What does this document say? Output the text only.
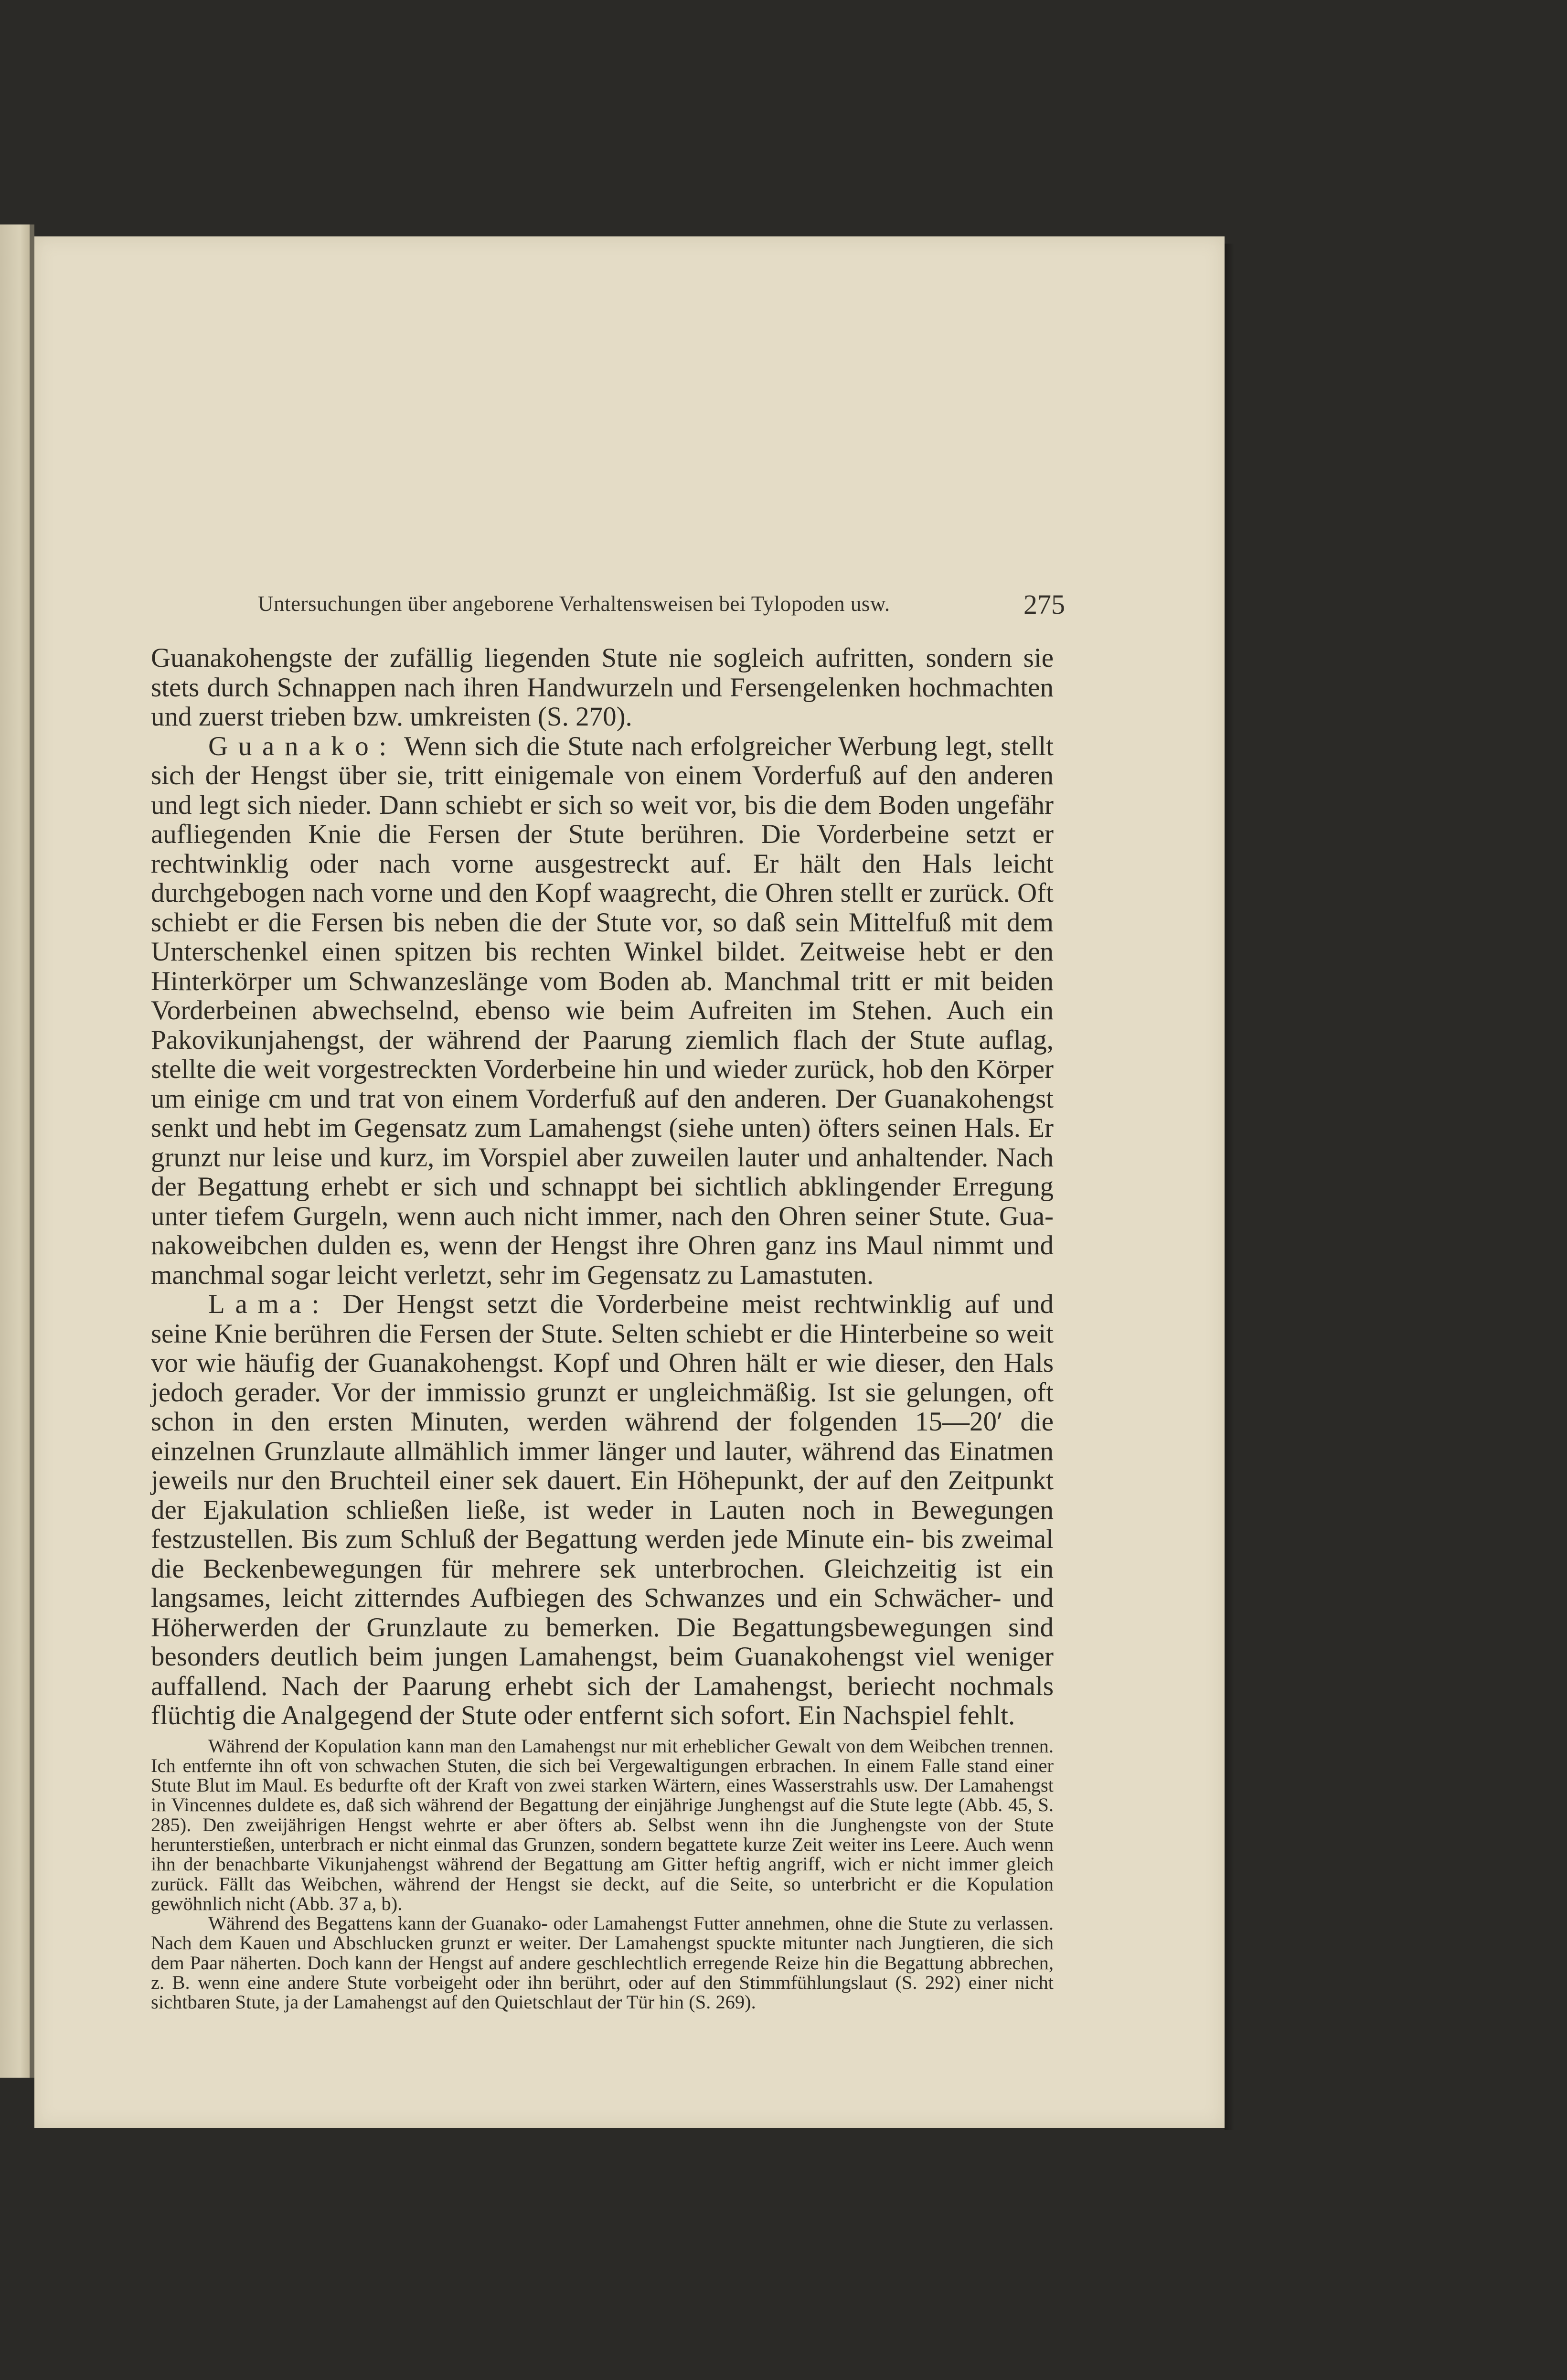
Untersuchungen über angeborene Verhaltensweisen bei Tylopoden usw.	275

Guanakohengste der zufällig liegenden Stute nie sogleich aufritten, sondern sie stets durch Schnappen nach ihren Handwurzeln und Fersengelenken hochmachten und zuerst trieben bzw. umkreisten (S. 270).

Guanako: Wenn sich die Stute nach erfolgreicher Werbung legt, stellt sich der Hengst über sie, tritt einigemale von einem Vorderfuß auf den anderen und legt sich nieder. Dann schiebt er sich so weit vor, bis die dem Boden ungefähr aufliegenden Knie die Fersen der Stute berühren. Die Vorderbeine setzt er rechtwinklig oder nach vorne ausgestreckt auf. Er hält den Hals leicht durchgebogen nach vorne und den Kopf waagrecht, die Ohren stellt er zurück. Oft schiebt er die Fersen bis neben die der Stute vor, so daß sein Mittelfuß mit dem Unterschenkel einen spitzen bis rechten Winkel bildet. Zeitweise hebt er den Hinterkörper um Schwanzeslänge vom Boden ab. Manchmal tritt er mit beiden Vorderbeinen abwechselnd, ebenso wie beim Aufreiten im Stehen. Auch ein Pakovikunjahengst, der während der Paarung ziemlich flach der Stute auflag, stellte die weit vorgestreckten Vorderbeine hin und wieder zurück, hob den Körper um einige cm und trat von einem Vorderfuß auf den anderen. Der Guanakohengst senkt und hebt im Gegensatz zum Lamahengst (siehe unten) öfters seinen Hals. Er grunzt nur leise und kurz, im Vorspiel aber zuweilen lauter und anhaltender. Nach der Begattung erhebt er sich und schnappt bei sichtlich abklingender Erregung unter tiefem Gurgeln, wenn auch nicht immer, nach den Ohren seiner Stute. Guanakoweibchen dulden es, wenn der Hengst ihre Ohren ganz ins Maul nimmt und manchmal sogar leicht verletzt, sehr im Gegensatz zu Lamastuten.

Lama: Der Hengst setzt die Vorderbeine meist rechtwinklig auf und seine Knie berühren die Fersen der Stute. Selten schiebt er die Hinterbeine so weit vor wie häufig der Guanakohengst. Kopf und Ohren hält er wie dieser, den Hals jedoch gerader. Vor der immissio grunzt er ungleichmäßig. Ist sie gelungen, oft schon in den ersten Minuten, werden während der folgenden 15—20′ die einzelnen Grunzlaute allmählich immer länger und lauter, während das Einatmen jeweils nur den Bruchteil einer sek dauert. Ein Höhepunkt, der auf den Zeitpunkt der Ejakulation schließen ließe, ist weder in Lauten noch in Bewegungen festzustellen. Bis zum Schluß der Begattung werden jede Minute ein- bis zweimal die Beckenbewegungen für mehrere sek unterbrochen. Gleichzeitig ist ein langsames, leicht zitterndes Aufbiegen des Schwanzes und ein Schwächer- und Höherwerden der Grunzlaute zu bemerken. Die Begattungsbewegungen sind besonders deutlich beim jungen Lamahengst, beim Guanakohengst viel weniger auffallend. Nach der Paarung erhebt sich der Lamahengst, beriecht nochmals flüchtig die Analgegend der Stute oder entfernt sich sofort. Ein Nachspiel fehlt.

Während der Kopulation kann man den Lamahengst nur mit erheblicher Gewalt von dem Weibchen trennen. Ich entfernte ihn oft von schwachen Stuten, die sich bei Vergewaltigungen erbrachen. In einem Falle stand einer Stute Blut im Maul. Es bedurfte oft der Kraft von zwei starken Wärtern, eines Wasserstrahls usw. Der Lamahengst in Vincennes duldete es, daß sich während der Begattung der einjährige Junghengst auf die Stute legte (Abb. 45, S. 285). Den zweijährigen Hengst wehrte er aber öfters ab. Selbst wenn ihn die Junghengste von der Stute herunterstießen, unterbrach er nicht einmal das Grunzen, sondern begattete kurze Zeit weiter ins Leere. Auch wenn ihn der benachbarte Vikunjahengst während der Begattung am Gitter heftig angriff, wich er nicht immer gleich zurück. Fällt das Weibchen, während der Hengst sie deckt, auf die Seite, so unterbricht er die Kopulation gewöhnlich nicht (Abb. 37 a, b).

Während des Begattens kann der Guanako- oder Lamahengst Futter annehmen, ohne die Stute zu verlassen. Nach dem Kauen und Abschlucken grunzt er weiter. Der Lamahengst spuckte mitunter nach Jungtieren, die sich dem Paar näherten. Doch kann der Hengst auf andere geschlechtlich erregende Reize hin die Begattung abbrechen, z. B. wenn eine andere Stute vorbeigeht oder ihn berührt, oder auf den Stimmfühlungslaut (S. 292) einer nicht sichtbaren Stute, ja der Lamahengst auf den Quietschlaut der Tür hin (S. 269).
